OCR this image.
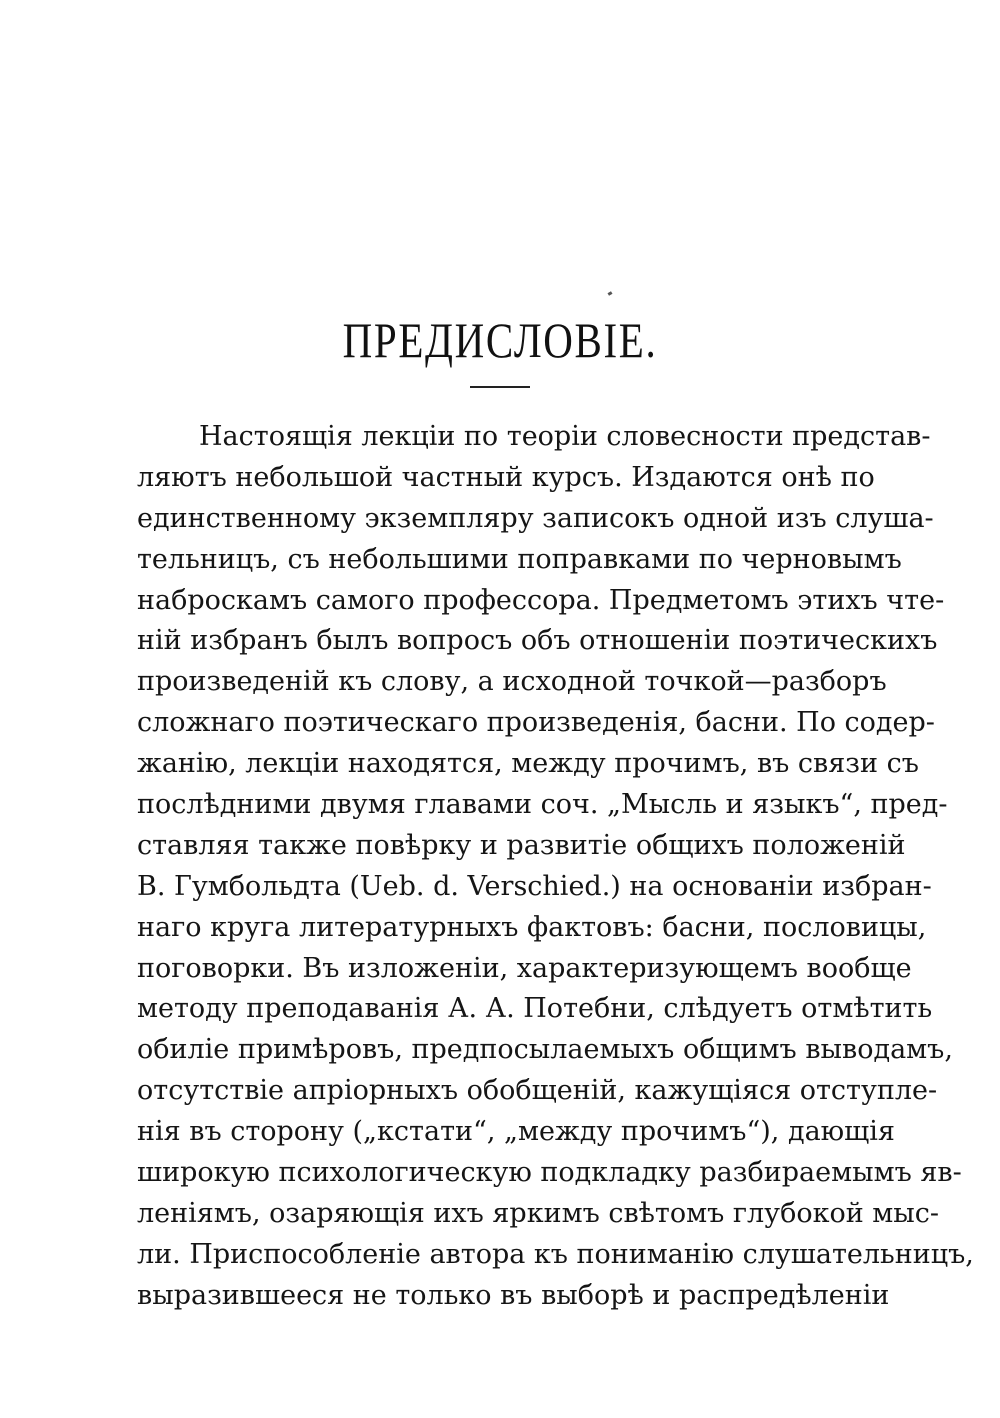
ПРЕДИСЛОВІЕ.
Настоящія лекціи по теоріи словесности представ-
ляютъ небольшой частный курсъ. Издаются онѣ по
единственному экземпляру записокъ одной изъ слуша-
тельницъ, съ небольшими поправками по черновымъ
наброскамъ самого профессора. Предметомъ этихъ чте-
ній избранъ былъ вопросъ объ отношеніи поэтическихъ
произведеній къ слову, а исходной точкой—разборъ
сложнаго поэтическаго произведенія, басни. По содер-
жанію, лекціи находятся, между прочимъ, въ связи съ
послѣдними двумя главами соч. „Мысль и языкъ“, пред-
ставляя также повѣрку и развитіе общихъ положеній
В. Гумбольдта (Ueb. d. Verschied.) на основаніи избран-
наго круга литературныхъ фактовъ: басни, пословицы,
поговорки. Въ изложеніи, характеризующемъ вообще
методу преподаванія А. А. Потебни, слѣдуетъ отмѣтить
обиліе примѣровъ, предпосылаемыхъ общимъ выводамъ,
отсутствіе апріорныхъ обобщеній, кажущіяся отступле-
нія въ сторону („кстати“, „между прочимъ“), дающія
широкую психологическую подкладку разбираемымъ яв-
леніямъ, озаряющія ихъ яркимъ свѣтомъ глубокой мыс-
ли. Приспособленіе автора къ пониманію слушательницъ,
выразившееся не только въ выборѣ и распредѣленіи
